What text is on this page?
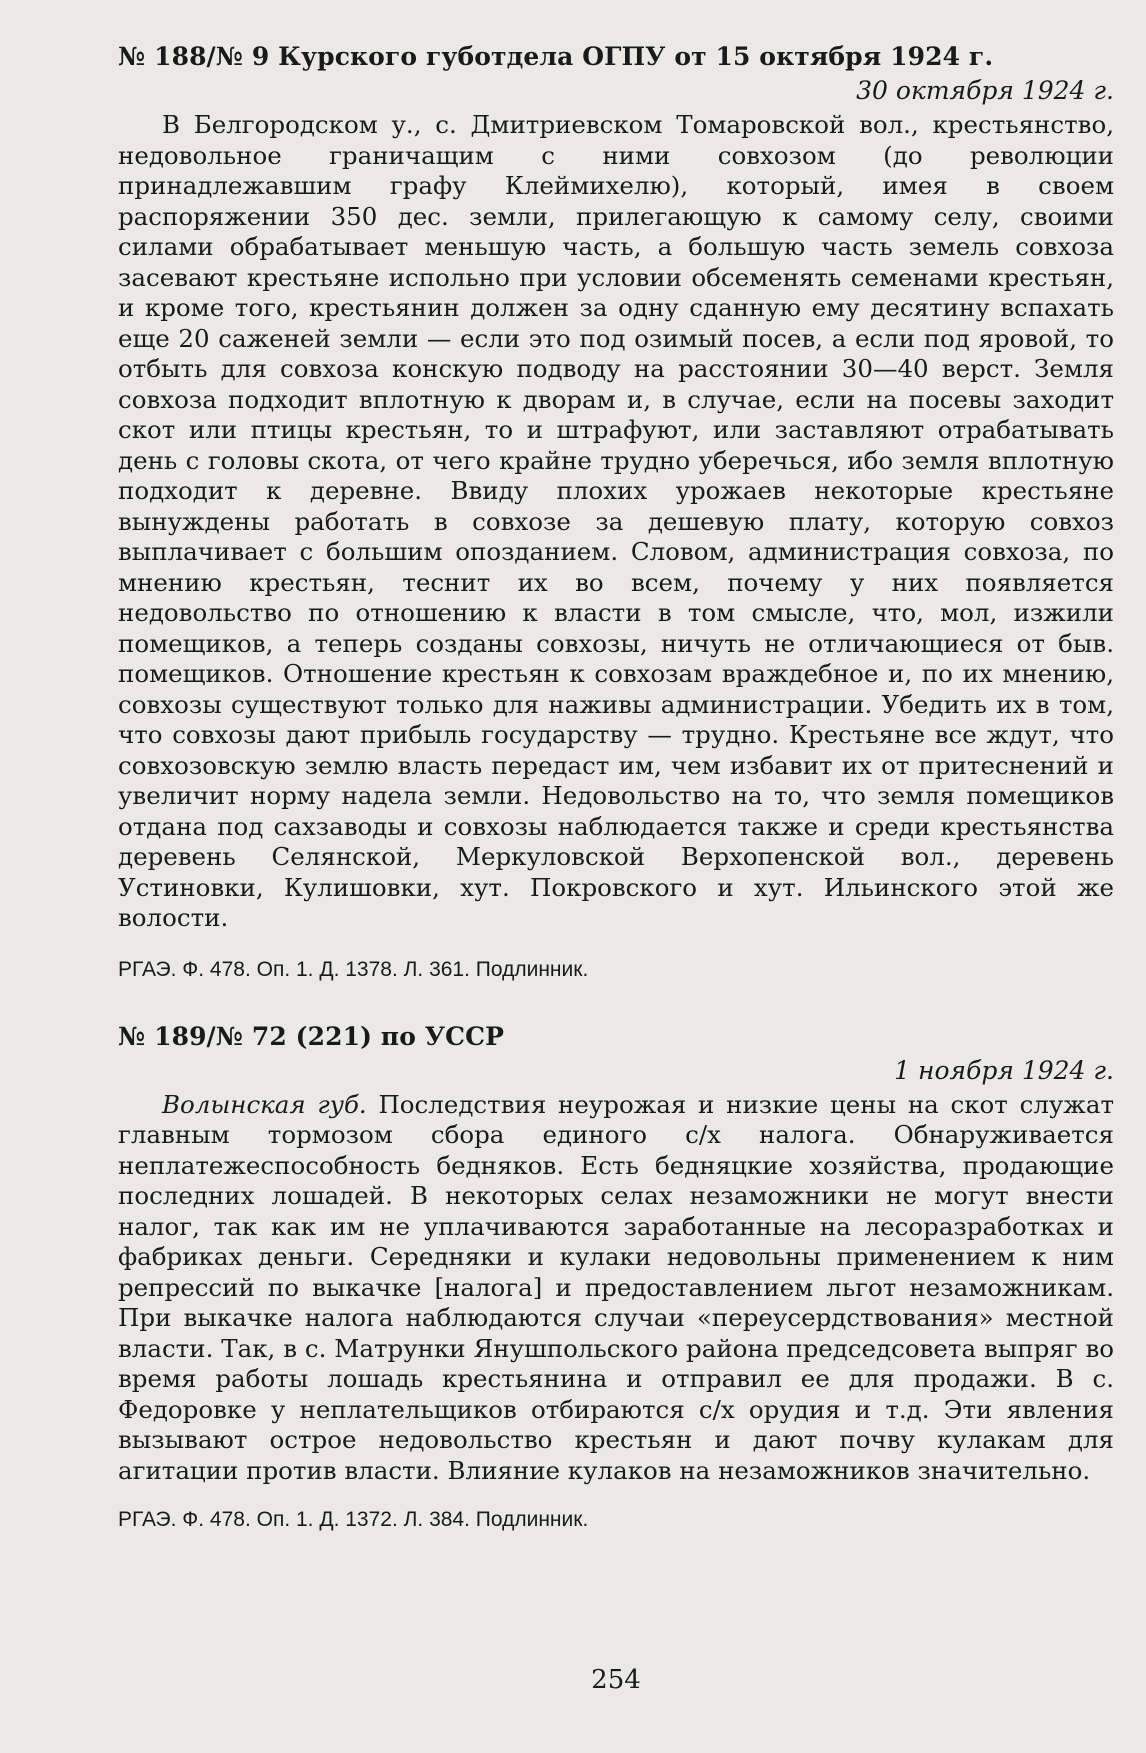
№ 188/№ 9 Курского губотдела ОГПУ от 15 октября 1924 г.

30 октября 1924 г.

В Белгородском у., с. Дмитриевском Томаровской вол., крестьянство, недовольное граничащим с ними совхозом (до революции принадлежавшим графу Клеймихелю), который, имея в своем распоряжении 350 дес. земли, прилегающую к самому селу, своими силами обрабатывает меньшую часть, а большую часть земель совхоза засевают крестьяне испольно при условии обсеменять семенами крестьян, и кроме того, крестьянин должен за одну сданную ему десятину вспахать еще 20 саженей земли — если это под озимый посев, а если под яровой, то отбыть для совхоза конскую подводу на расстоянии 30—40 верст. Земля совхоза подходит вплотную к дворам и, в случае, если на посевы заходит скот или птицы крестьян, то и штрафуют, или заставляют отрабатывать день с головы скота, от чего крайне трудно уберечься, ибо земля вплотную подходит к деревне. Ввиду плохих урожаев некоторые крестьяне вынуждены работать в совхозе за дешевую плату, которую совхоз выплачивает с большим опозданием. Словом, администрация совхоза, по мнению крестьян, теснит их во всем, почему у них появляется недовольство по отношению к власти в том смысле, что, мол, изжили помещиков, а теперь созданы совхозы, ничуть не отличающиеся от быв. помещиков. Отношение крестьян к совхозам враждебное и, по их мнению, совхозы существуют только для наживы администрации. Убедить их в том, что совхозы дают прибыль государству — трудно. Крестьяне все ждут, что совхозовскую землю власть передаст им, чем избавит их от притеснений и увеличит норму надела земли. Недовольство на то, что земля помещиков отдана под сахзаводы и совхозы наблюдается также и среди крестьянства деревень Селянской, Меркуловской Верхопенской вол., деревень Устиновки, Кулишовки, хут. Покровского и хут. Ильинского этой же волости.

РГАЭ. Ф. 478. Оп. 1. Д. 1378. Л. 361. Подлинник.

№ 189/№ 72 (221) по УССР

1 ноября 1924 г.

Волынская губ. Последствия неурожая и низкие цены на скот служат главным тормозом сбора единого с/х налога. Обнаруживается неплатежеспособность бедняков. Есть бедняцкие хозяйства, продающие последних лошадей. В некоторых селах незаможники не могут внести налог, так как им не уплачиваются заработанные на лесоразработках и фабриках деньги. Середняки и кулаки недовольны применением к ним репрессий по выкачке [налога] и предоставлением льгот незаможникам. При выкачке налога наблюдаются случаи «переусердствования» местной власти. Так, в с. Матрунки Янушпольского района председсовета выпряг во время работы лошадь крестьянина и отправил ее для продажи. В с. Федоровке у неплательщиков отбираются с/х орудия и т.д. Эти явления вызывают острое недовольство крестьян и дают почву кулакам для агитации против власти. Влияние кулаков на незаможников значительно.

РГАЭ. Ф. 478. Оп. 1. Д. 1372. Л. 384. Подлинник.

254
